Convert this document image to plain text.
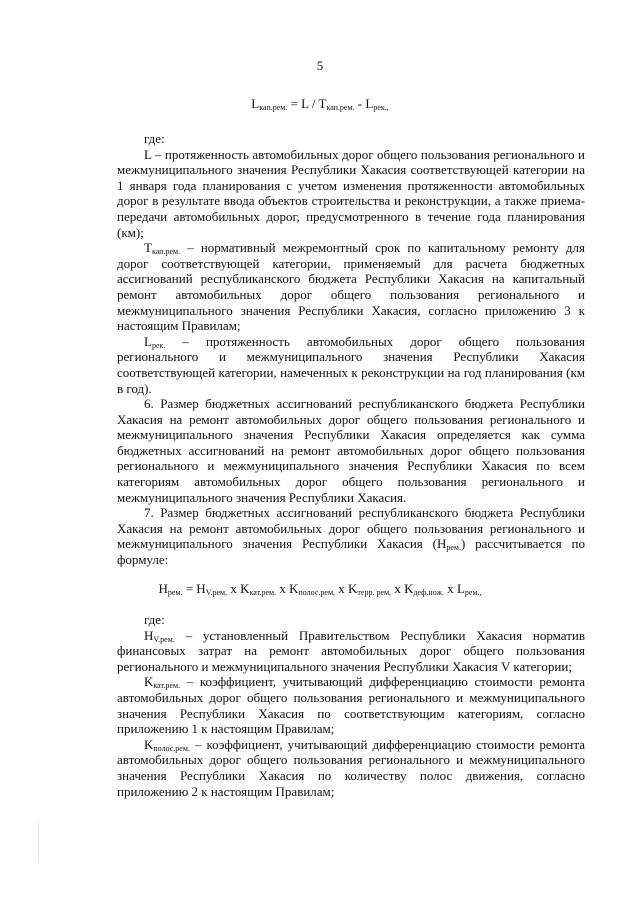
5
$L_{кап.рем.} = L / T_{кап.рем.} - L_{рек.,}$

где:

L – протяженность автомобильных дорог общего пользования регионального и межмуниципального значения Республики Хакасия соответствующей категории на 1 января года планирования с учетом изменения протяженности автомобильных дорог в результате ввода объектов строительства и реконструкции, а также приема-передачи автомобильных дорог, предусмотренного в течение года планирования (км);

$T_{кап.рем.}$ – нормативный межремонтный срок по капитальному ремонту для дорог соответствующей категории, применяемый для расчета бюджетных ассигнований республиканского бюджета Республики Хакасия на капитальный ремонт автомобильных дорог общего пользования регионального и межмуниципального значения Республики Хакасия, согласно приложению 3 к настоящим Правилам;

$L_{рек.}$ – протяженность автомобильных дорог общего пользования регионального и межмуниципального значения Республики Хакасия соответствующей категории, намеченных к реконструкции на год планирования (км в год).

6. Размер бюджетных ассигнований республиканского бюджета Республики Хакасия на ремонт автомобильных дорог общего пользования регионального и межмуниципального значения Республики Хакасия определяется как сумма бюджетных ассигнований на ремонт автомобильных дорог общего пользования регионального и межмуниципального значения Республики Хакасия по всем категориям автомобильных дорог общего пользования регионального и межмуниципального значения Республики Хакасия.

7. Размер бюджетных ассигнований республиканского бюджета Республики Хакасия на ремонт автомобильных дорог общего пользования регионального и межмуниципального значения Республики Хакасия $(H_{рем.})$ рассчитывается по формуле:

$H_{рем.} = H_{V.рем.}$ x $K_{кат.рем.}$ x $K_{полос.рем.}$ x $K_{терр. рем.}$ x $K_{деф.нож.}$ x $L_{рем.,}$

где:

$H_{V.рем.}$ – установленный Правительством Республики Хакасия норматив финансовых затрат на ремонт автомобильных дорог общего пользования регионального и межмуниципального значения Республики Хакасия V категории;

$K_{кат.рем.}$ – коэффициент, учитывающий дифференциацию стоимости ремонта автомобильных дорог общего пользования регионального и межмуниципального значения Республики Хакасия по соответствующим категориям, согласно приложению 1 к настоящим Правилам;

$K_{полос.рем.}$ – коэффициент, учитывающий дифференциацию стоимости ремонта автомобильных дорог общего пользования регионального и межмуниципального значения Республики Хакасия по количеству полос движения, согласно приложению 2 к настоящим Правилам;
